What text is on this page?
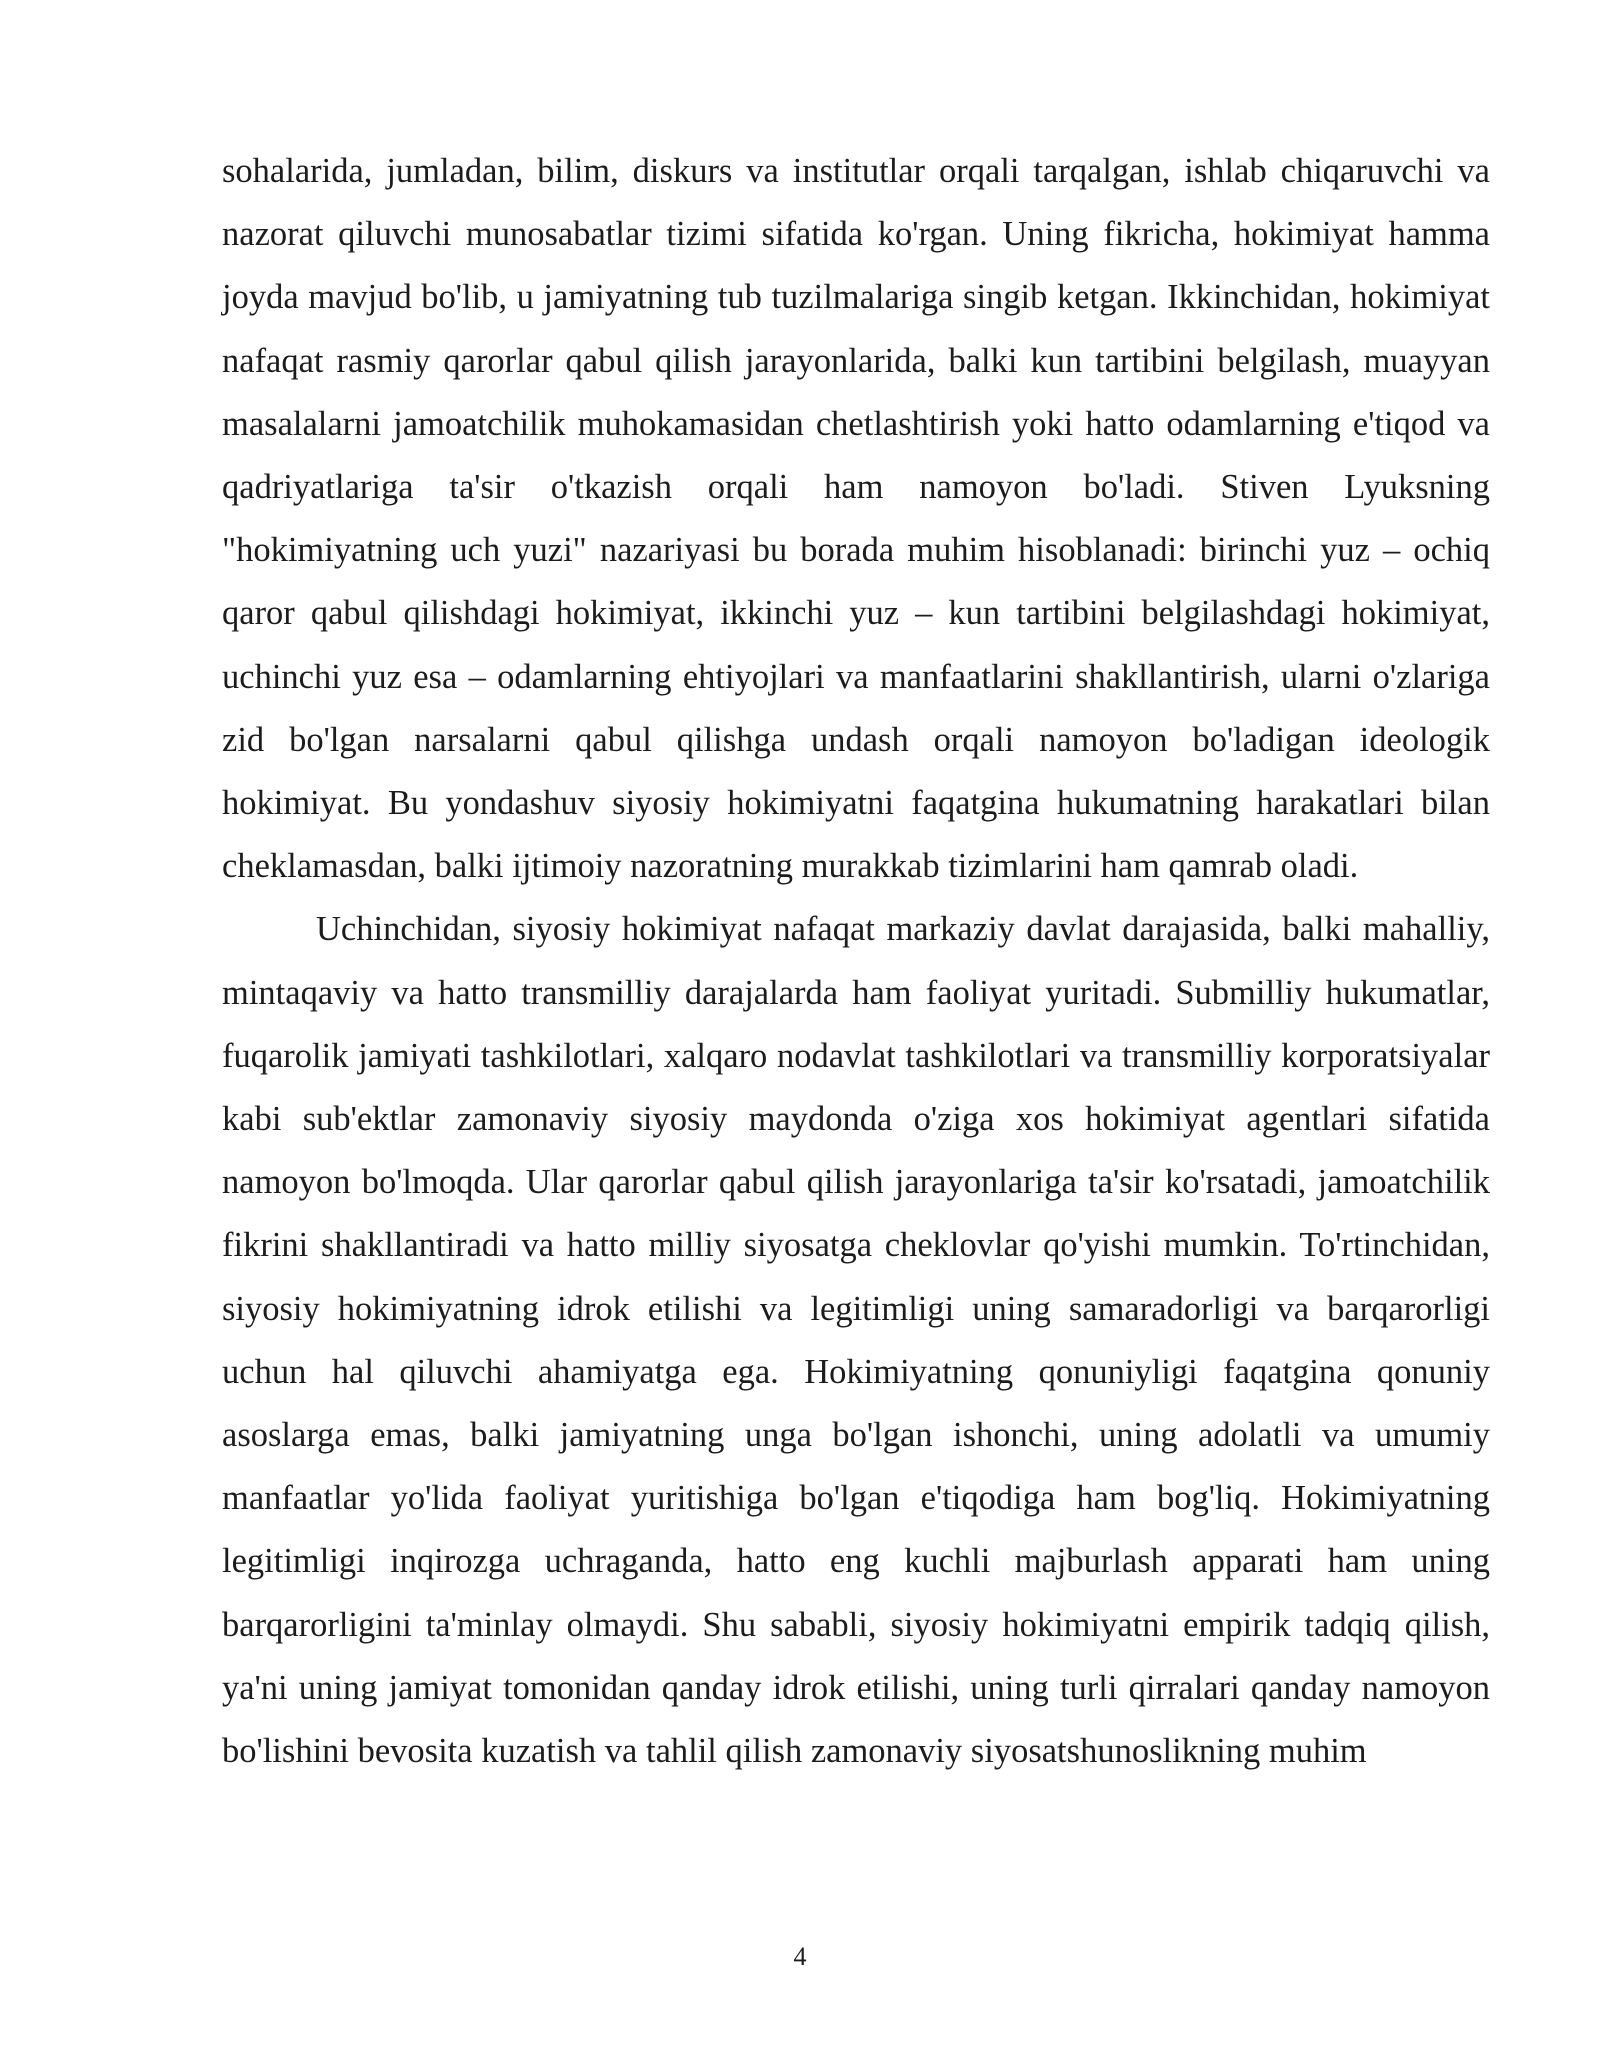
sohalarida, jumladan, bilim, diskurs va institutlar orqali tarqalgan, ishlab chiqaruvchi va nazorat qiluvchi munosabatlar tizimi sifatida ko'rgan. Uning fikricha, hokimiyat hamma joyda mavjud bo'lib, u jamiyatning tub tuzilmalariga singib ketgan. Ikkinchidan, hokimiyat nafaqat rasmiy qarorlar qabul qilish jarayonlarida, balki kun tartibini belgilash, muayyan masalalarni jamoatchilik muhokamasidan chetlashtirish yoki hatto odamlarning e'tiqod va qadriyatlariga ta'sir o'tkazish orqali ham namoyon bo'ladi. Stiven Lyuksning "hokimiyatning uch yuzi" nazariyasi bu borada muhim hisoblanadi: birinchi yuz – ochiq qaror qabul qilishdagi hokimiyat, ikkinchi yuz – kun tartibini belgilashdagi hokimiyat, uchinchi yuz esa – odamlarning ehtiyojlari va manfaatlarini shakllantirish, ularni o'zlariga zid bo'lgan narsalarni qabul qilishga undash orqali namoyon bo'ladigan ideologik hokimiyat. Bu yondashuv siyosiy hokimiyatni faqatgina hukumatning harakatlari bilan cheklamasdan, balki ijtimoiy nazoratning murakkab tizimlarini ham qamrab oladi.

Uchinchidan, siyosiy hokimiyat nafaqat markaziy davlat darajasida, balki mahalliy, mintaqaviy va hatto transmilliy darajalarda ham faoliyat yuritadi. Submilliy hukumatlar, fuqarolik jamiyati tashkilotlari, xalqaro nodavlat tashkilotlari va transmilliy korporatsiyalar kabi sub'ektlar zamonaviy siyosiy maydonda o'ziga xos hokimiyat agentlari sifatida namoyon bo'lmoqda. Ular qarorlar qabul qilish jarayonlariga ta'sir ko'rsatadi, jamoatchilik fikrini shakllantiradi va hatto milliy siyosatga cheklovlar qo'yishi mumkin. To'rtinchidan, siyosiy hokimiyatning idrok etilishi va legitimligi uning samaradorligi va barqarorligi uchun hal qiluvchi ahamiyatga ega. Hokimiyatning qonuniyligi faqatgina qonuniy asoslarga emas, balki jamiyatning unga bo'lgan ishonchi, uning adolatli va umumiy manfaatlar yo'lida faoliyat yuritishiga bo'lgan e'tiqodiga ham bog'liq. Hokimiyatning legitimligi inqirozga uchraganda, hatto eng kuchli majburlash apparati ham uning barqarorligini ta'minlay olmaydi. Shu sababli, siyosiy hokimiyatni empirik tadqiq qilish, ya'ni uning jamiyat tomonidan qanday idrok etilishi, uning turli qirralari qanday namoyon bo'lishini bevosita kuzatish va tahlil qilish zamonaviy siyosatshunoslikning muhim

4
